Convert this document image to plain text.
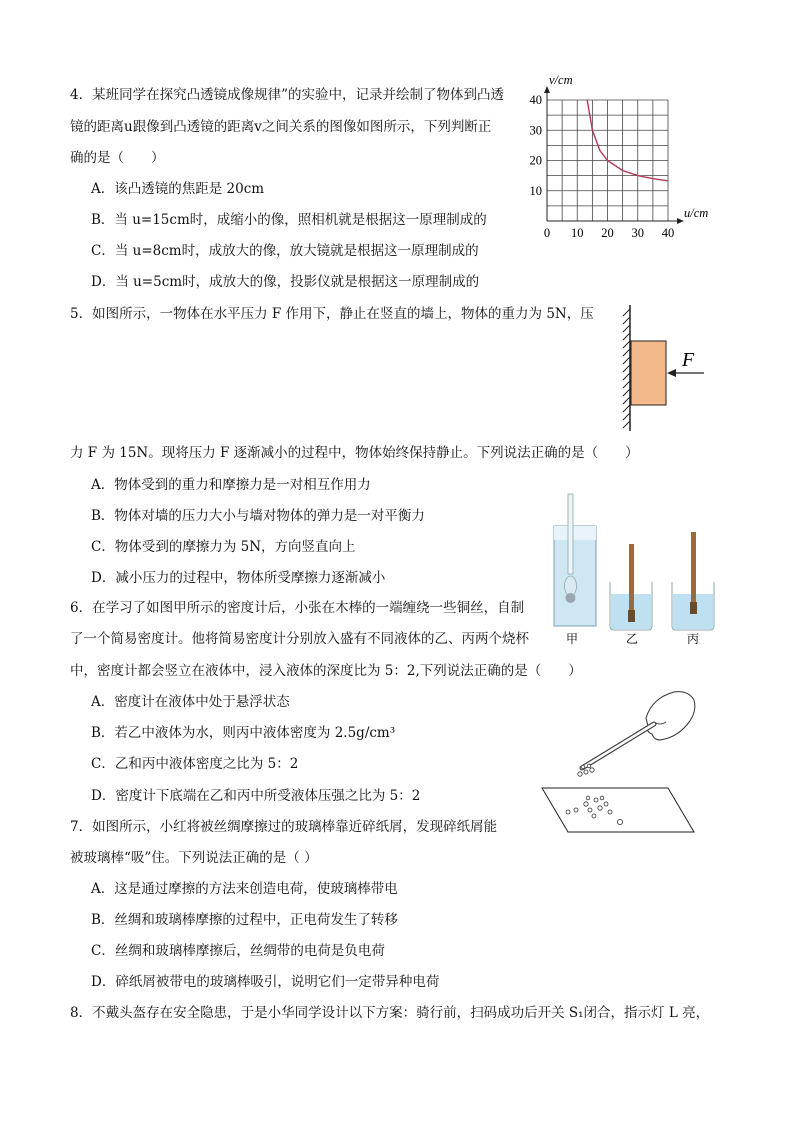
4．某班同学在探究凸透镜成像规律”的实验中，记录并绘制了物体到凸透
镜的距离u跟像到凸透镜的距离v之间关系的图像如图所示，下列判断正
确的是（　　）
A．该凸透镜的焦距是 20cm
B．当 u=15cm时，成缩小的像，照相机就是根据这一原理制成的
C．当 u=8cm时，成放大的像，放大镜就是根据这一原理制成的
D．当 u=5cm时，成放大的像，投影仪就是根据这一原理制成的
0 10 20 30 40
10
20
30
40
u/cm
v/cm
5．如图所示，一物体在水平压力 F 作用下，静止在竖直的墙上，物体的重力为 5N，压
力 F 为 15N。现将压力 F 逐渐减小的过程中，物体始终保持静止。下列说法正确的是（　　）
A．物体受到的重力和摩擦力是一对相互作用力
B．物体对墙的压力大小与墙对物体的弹力是一对平衡力
C．物体受到的摩擦力为 5N，方向竖直向上
D．减小压力的过程中，物体所受摩擦力逐渐减小
F
6．在学习了如图甲所示的密度计后，小张在木棒的一端缠绕一些铜丝，自制
了一个简易密度计。他将简易密度计分别放入盛有不同液体的乙、丙两个烧杯
中，密度计都会竖立在液体中，浸入液体的深度比为 5：2,下列说法正确的是（　　）
A．密度计在液体中处于悬浮状态
B．若乙中液体为水，则丙中液体密度为 2.5g/cm³
C．乙和丙中液体密度之比为 5：2
D．密度计下底端在乙和丙中所受液体压强之比为 5：2
甲	乙	丙
7．如图所示，小红将被丝绸摩擦过的玻璃棒靠近碎纸屑，发现碎纸屑能
被玻璃棒“吸”住。下列说法正确的是（ ）
A．这是通过摩擦的方法来创造电荷，使玻璃棒带电
B．丝绸和玻璃棒摩擦的过程中，正电荷发生了转移
C．丝绸和玻璃棒摩擦后，丝绸带的电荷是负电荷
D．碎纸屑被带电的玻璃棒吸引，说明它们一定带异种电荷
8．不戴头盔存在安全隐患，于是小华同学设计以下方案：骑行前，扫码成功后开关 S₁闭合，指示灯 L 亮，
